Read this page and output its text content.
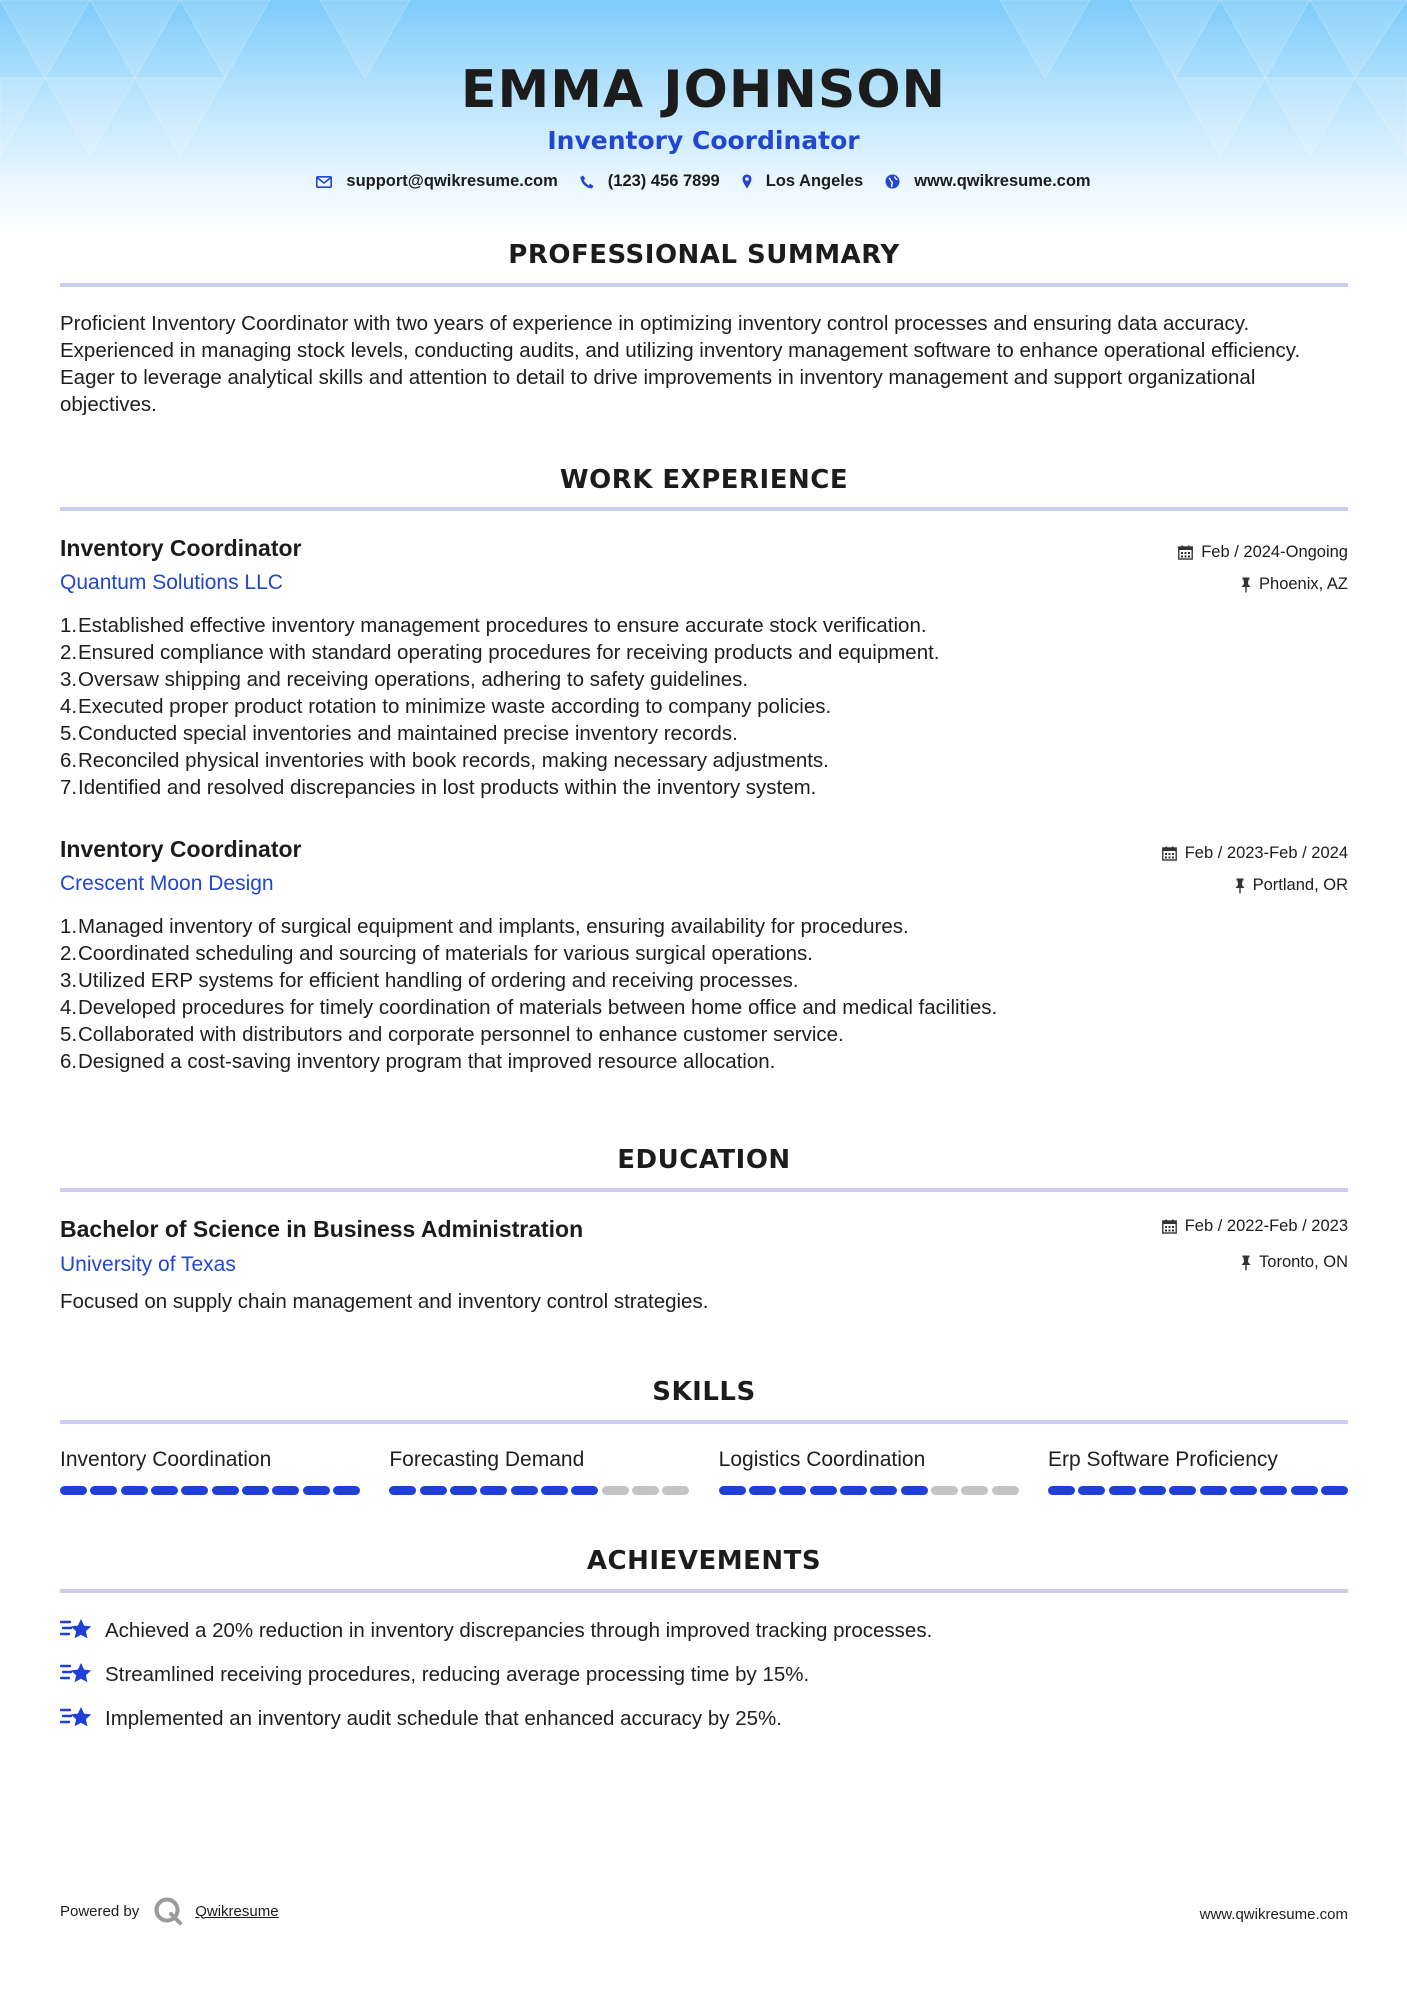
EMMA JOHNSON
Inventory Coordinator
support@qwikresume.com	(123) 456 7899	Los Angeles	www.qwikresume.com
PROFESSIONAL SUMMARY
Proficient Inventory Coordinator with two years of experience in optimizing inventory control processes and ensuring data accuracy. Experienced in managing stock levels, conducting audits, and utilizing inventory management software to enhance operational efficiency. Eager to leverage analytical skills and attention to detail to drive improvements in inventory management and support organizational objectives.
WORK EXPERIENCE
Inventory Coordinator
Quantum Solutions LLC
Feb / 2024-Ongoing
Phoenix, AZ
1. Established effective inventory management procedures to ensure accurate stock verification.
2. Ensured compliance with standard operating procedures for receiving products and equipment.
3. Oversaw shipping and receiving operations, adhering to safety guidelines.
4. Executed proper product rotation to minimize waste according to company policies.
5. Conducted special inventories and maintained precise inventory records.
6. Reconciled physical inventories with book records, making necessary adjustments.
7. Identified and resolved discrepancies in lost products within the inventory system.
Inventory Coordinator
Crescent Moon Design
Feb / 2023-Feb / 2024
Portland, OR
1. Managed inventory of surgical equipment and implants, ensuring availability for procedures.
2. Coordinated scheduling and sourcing of materials for various surgical operations.
3. Utilized ERP systems for efficient handling of ordering and receiving processes.
4. Developed procedures for timely coordination of materials between home office and medical facilities.
5. Collaborated with distributors and corporate personnel to enhance customer service.
6. Designed a cost-saving inventory program that improved resource allocation.
EDUCATION
Bachelor of Science in Business Administration
University of Texas
Feb / 2022-Feb / 2023
Toronto, ON
Focused on supply chain management and inventory control strategies.
SKILLS
Inventory Coordination	Forecasting Demand	Logistics Coordination	Erp Software Proficiency
ACHIEVEMENTS
Achieved a 20% reduction in inventory discrepancies through improved tracking processes.
Streamlined receiving procedures, reducing average processing time by 15%.
Implemented an inventory audit schedule that enhanced accuracy by 25%.
Powered by	Qwikresume	www.qwikresume.com
